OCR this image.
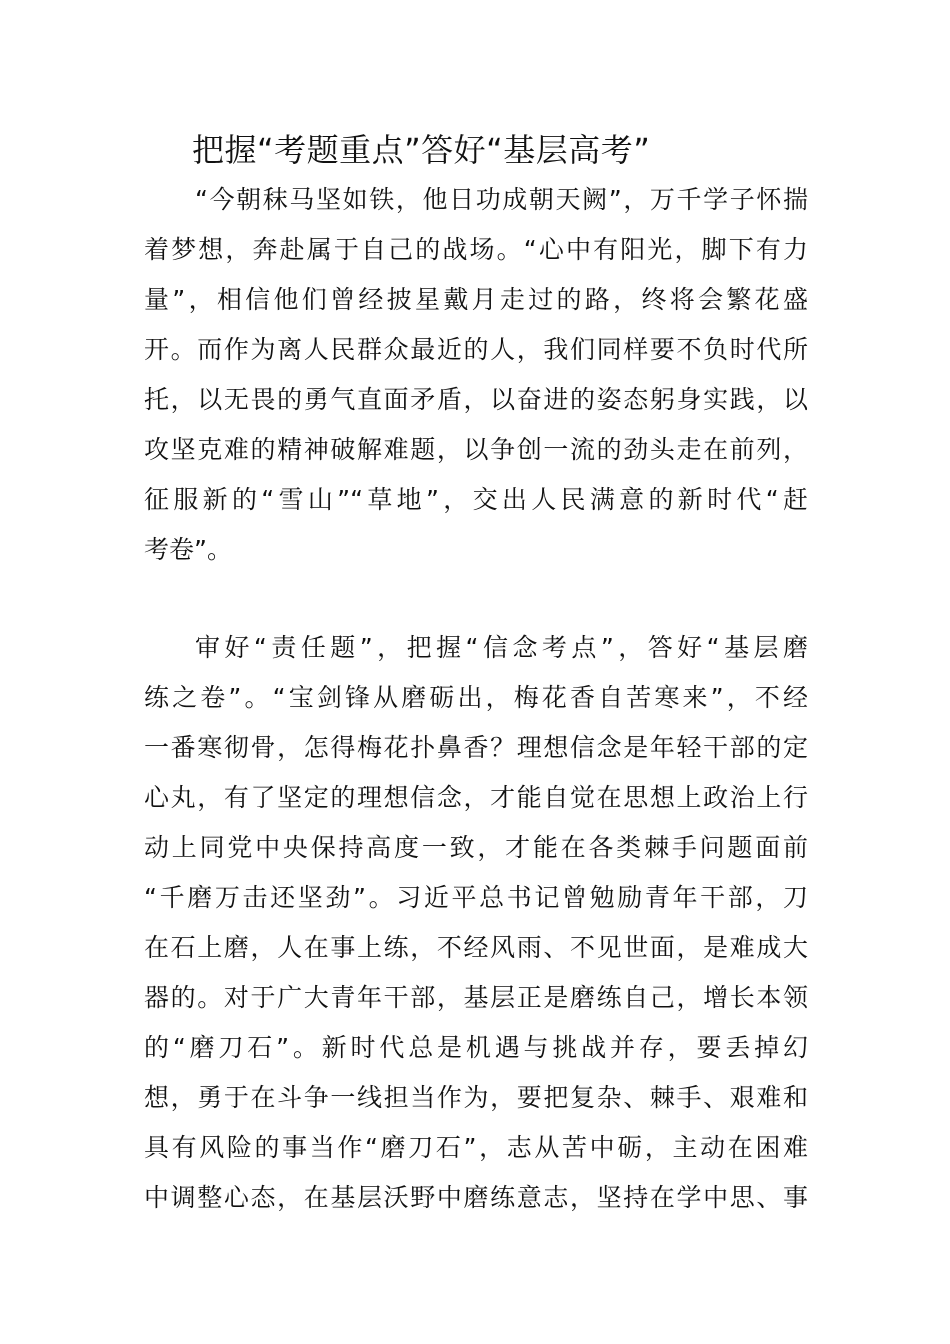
把握“考题重点”答好“基层高考”

“今朝秣马坚如铁，他日功成朝天阙”，万千学子怀揣

着梦想，奔赴属于自己的战场。“心中有阳光，脚下有力

量”，相信他们曾经披星戴月走过的路，终将会繁花盛

开。而作为离人民群众最近的人，我们同样要不负时代所

托，以无畏的勇气直面矛盾，以奋进的姿态躬身实践，以

攻坚克难的精神破解难题，以争创一流的劲头走在前列，

征服新的“雪山”“草地”，交出人民满意的新时代“赶

考卷”。

审好“责任题”，把握“信念考点”，答好“基层磨

练之卷”。“宝剑锋从磨砺出，梅花香自苦寒来”，不经

一番寒彻骨，怎得梅花扑鼻香？理想信念是年轻干部的定

心丸，有了坚定的理想信念，才能自觉在思想上政治上行

动上同党中央保持高度一致，才能在各类棘手问题面前

“千磨万击还坚劲”。习近平总书记曾勉励青年干部，刀

在石上磨，人在事上练，不经风雨、不见世面，是难成大

器的。对于广大青年干部，基层正是磨练自己，增长本领

的“磨刀石”。新时代总是机遇与挑战并存，要丢掉幻

想，勇于在斗争一线担当作为，要把复杂、棘手、艰难和

具有风险的事当作“磨刀石”，志从苦中砺，主动在困难

中调整心态，在基层沃野中磨练意志，坚持在学中思、事
